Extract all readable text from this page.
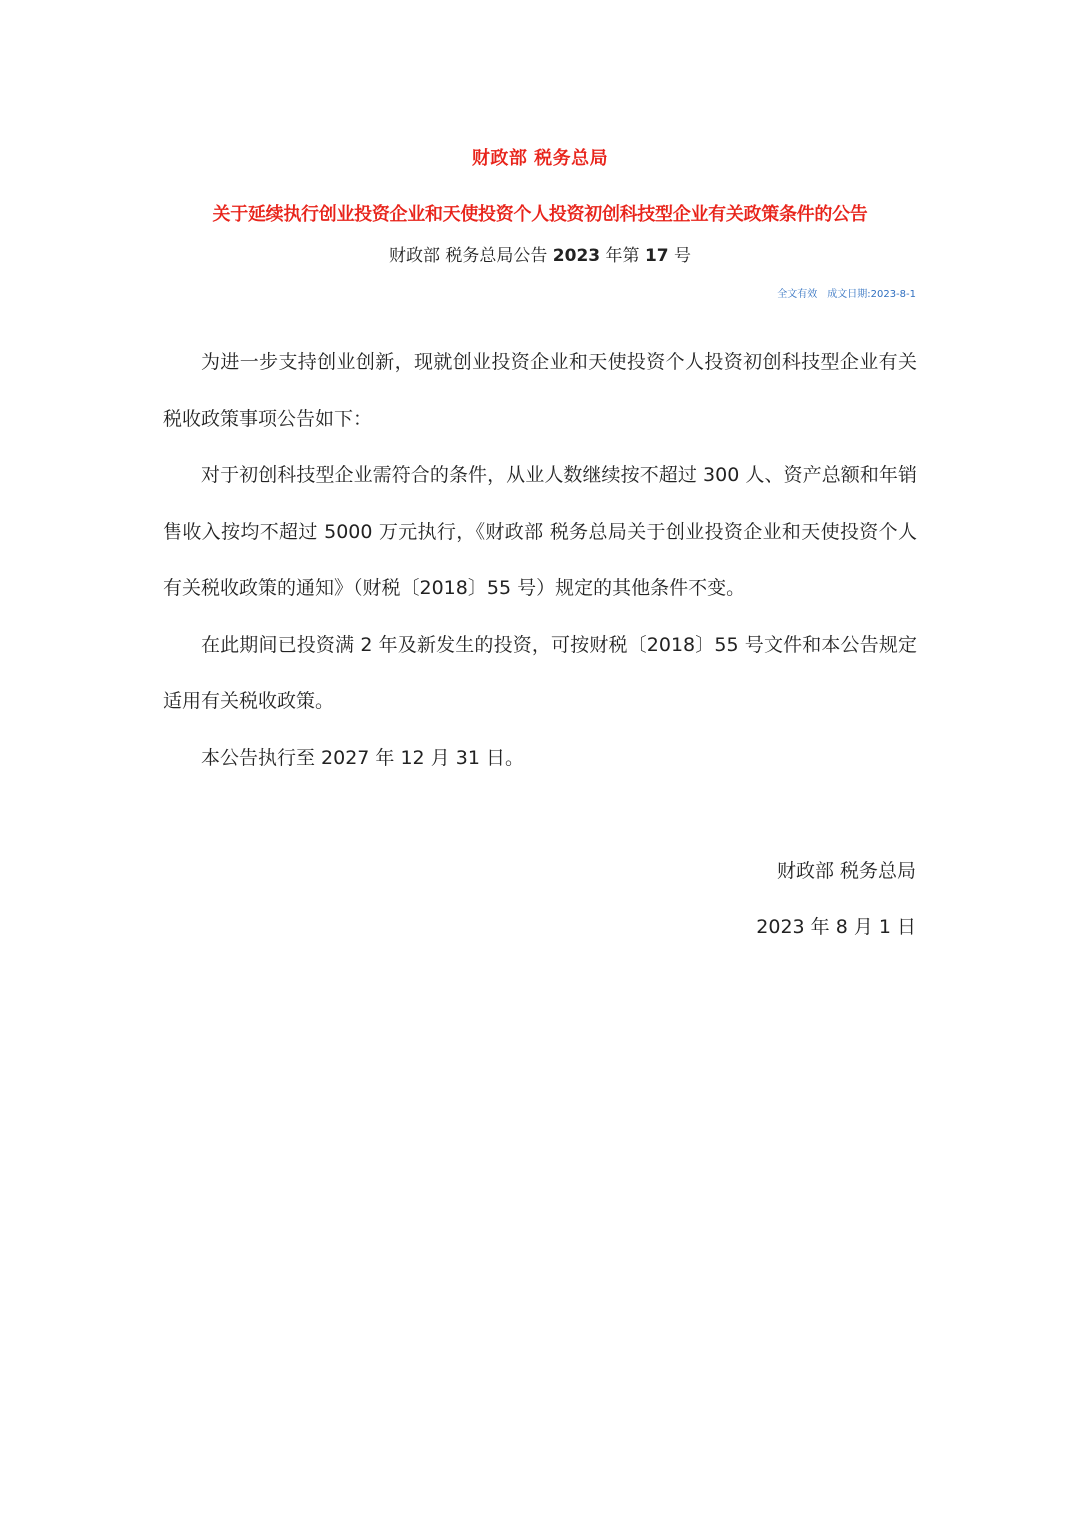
财政部 税务总局
关于延续执行创业投资企业和天使投资个人投资初创科技型企业有关政策条件的公告
财政部 税务总局公告 2023 年第 17 号
全文有效 成文日期:2023-8-1

为进一步支持创业创新，现就创业投资企业和天使投资个人投资初创科技型企业有关税收政策事项公告如下：

对于初创科技型企业需符合的条件，从业人数继续按不超过 300 人、资产总额和年销售收入按均不超过 5000 万元执行，《财政部 税务总局关于创业投资企业和天使投资个人有关税收政策的通知》（财税〔2018〕55 号）规定的其他条件不变。

在此期间已投资满 2 年及新发生的投资，可按财税〔2018〕55 号文件和本公告规定适用有关税收政策。

本公告执行至 2027 年 12 月 31 日。

财政部 税务总局
2023 年 8 月 1 日
